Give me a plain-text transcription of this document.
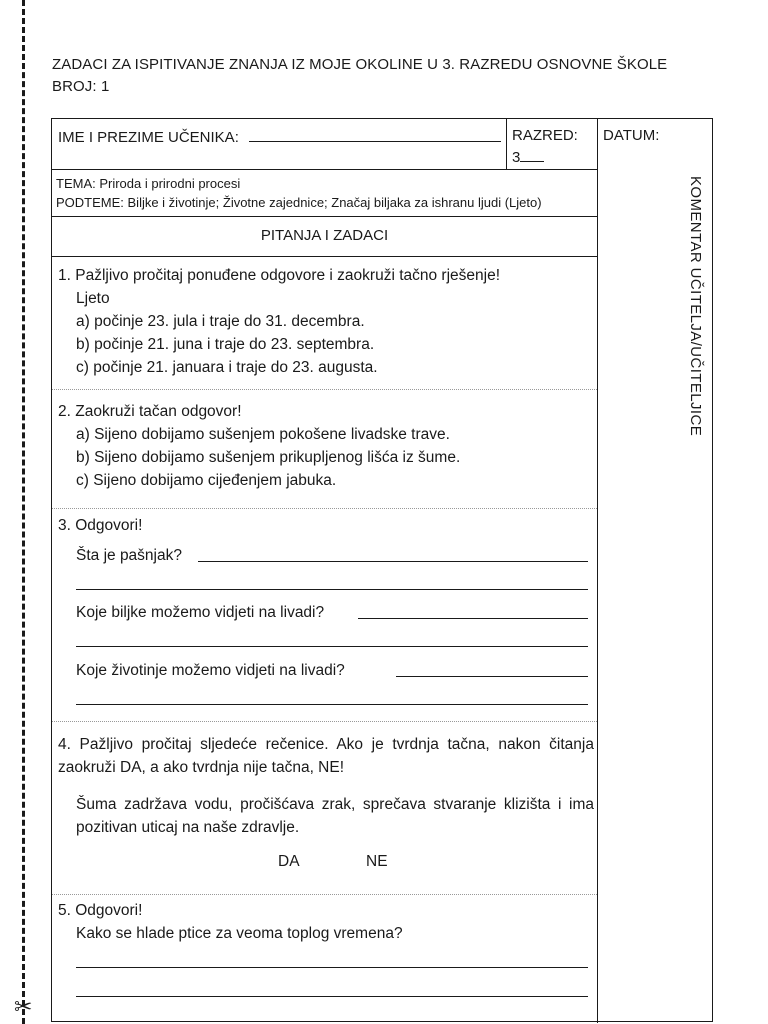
✂
ZADACI ZA ISPITIVANJE ZNANJA IZ MOJE OKOLINE U 3. RAZREDU OSNOVNE ŠKOLE
BROJ: 1
IME I PREZIME UČENIKA:	RAZRED:
3
DATUM:
TEMA: Priroda i prirodni procesi
PODTEME: Biljke i životinje; Životne zajednice; Značaj biljaka za ishranu ljudi (Ljeto)
PITANJA I ZADACI
1. Pažljivo pročitaj ponuđene odgovore i zaokruži tačno rješenje!
Ljeto
a) počinje 23. jula i traje do 31. decembra.
b) počinje 21. juna i traje do 23. septembra.
c) počinje 21. januara i traje do 23. augusta.
2. Zaokruži tačan odgovor!
a) Sijeno dobijamo sušenjem pokošene livadske trave.
b) Sijeno dobijamo sušenjem prikupljenog lišća iz šume.
c) Sijeno dobijamo cijeđenjem jabuka.
3. Odgovori!
Šta je pašnjak?
Koje biljke možemo vidjeti na livadi?
Koje životinje možemo vidjeti na livadi?
4. Pažljivo pročitaj sljedeće rečenice. Ako je tvrdnja tačna, nakon čitanja zaokruži DA, a ako tvrdnja nije tačna, NE!
Šuma zadržava vodu, pročišćava zrak, sprečava stvaranje klizišta i ima pozitivan uticaj na naše zdravlje.
DA	NE
5. Odgovori!
Kako se hlade ptice za veoma toplog vremena?
KOMENTAR UČITELJA/UČITELJICE
